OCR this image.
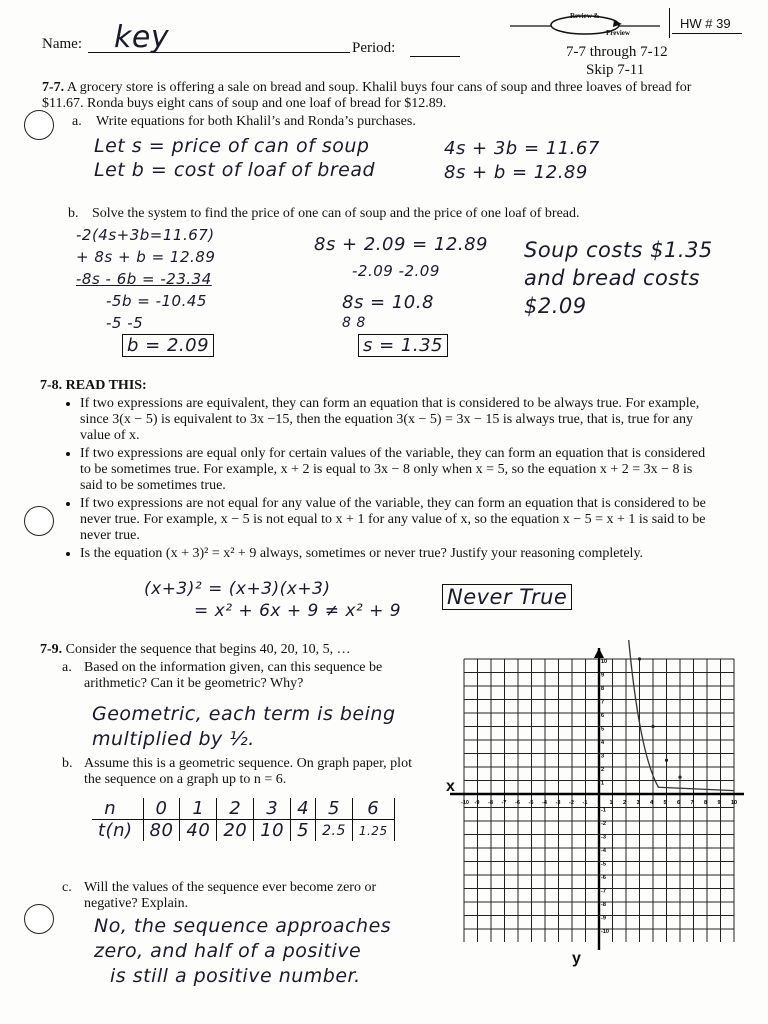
Name: key	Period:
Review &
Preview
HW # 39
7-7 through 7-12
Skip 7-11
7-7. A grocery store is offering a sale on bread and soup. Khalil buys four cans of soup and three loaves of bread for $11.67. Ronda buys eight cans of soup and one loaf of bread for $12.89.
a. Write equations for both Khalil’s and Ronda’s purchases.
Let s = price of can of soup
Let b = cost of loaf of bread
4s + 3b = 11.67
8s + b = 12.89
b. Solve the system to find the price of one can of soup and the price of one loaf of bread.
-2(4s+3b=11.67)
+ 8s + b = 12.89
-8s - 6b = -23.34
-5b = -10.45
-5 -5
b = 2.09
8s + 2.09 = 12.89
-2.09 -2.09
8s = 10.8
8 8
s = 1.35
Soup costs $1.35
and bread costs
$2.09
7-8. READ THIS:
• If two expressions are equivalent, they can form an equation that is considered to be always true. For example, since 3(x − 5) is equivalent to 3x −15, then the equation 3(x − 5) = 3x − 15 is always true, that is, true for any value of x.
• If two expressions are equal only for certain values of the variable, they can form an equation that is considered to be sometimes true. For example, x + 2 is equal to 3x − 8 only when x = 5, so the equation x + 2 = 3x − 8 is said to be sometimes true.
• If two expressions are not equal for any value of the variable, they can form an equation that is considered to be never true. For example, x − 5 is not equal to x + 1 for any value of x, so the equation x − 5 = x + 1 is said to be never true.
• Is the equation (x + 3)² = x² + 9 always, sometimes or never true? Justify your reasoning completely.
(x+3)² = (x+3)(x+3)
= x² + 6x + 9 ≠ x² + 9
Never True
7-9. Consider the sequence that begins 40, 20, 10, 5, …
a. Based on the information given, can this sequence be arithmetic? Can it be geometric? Why?
Geometric, each term is being
multiplied by ½.
b. Assume this is a geometric sequence. On graph paper, plot the sequence on a graph up to n = 6.
n	0	1	2	3	4	5	6
t(n)	80	40	20	10	5	2.5	1.25
c. Will the values of the sequence ever become zero or negative? Explain.
No, the sequence approaches
zero, and half of a positive
is still a positive number.
10
9
8
7
6
5
4
3
2
1
-1
-2
-3
-4
-5
-6
-7
-8
-9
-10
-10 -9 -8 -7 -6 -5 -4 -3 -2 -1	1 2 3 4 5 6 7 8 9 10
x
y
